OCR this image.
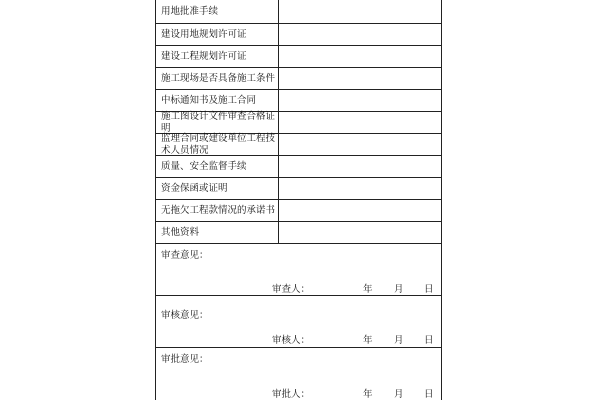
用地批准手续
建设用地规划许可证
建设工程规划许可证
施工现场是否具备施工条件
中标通知书及施工合同
施工图设计文件审查合格证明
监理合同或建设单位工程技术人员情况
质量、安全监督手续
资金保函或证明
无拖欠工程款情况的承诺书
其他资料
审查意见：
审查人：	年 月 日
审核意见：
审核人：	年 月 日
审批意见：
审批人：	年 月 日
